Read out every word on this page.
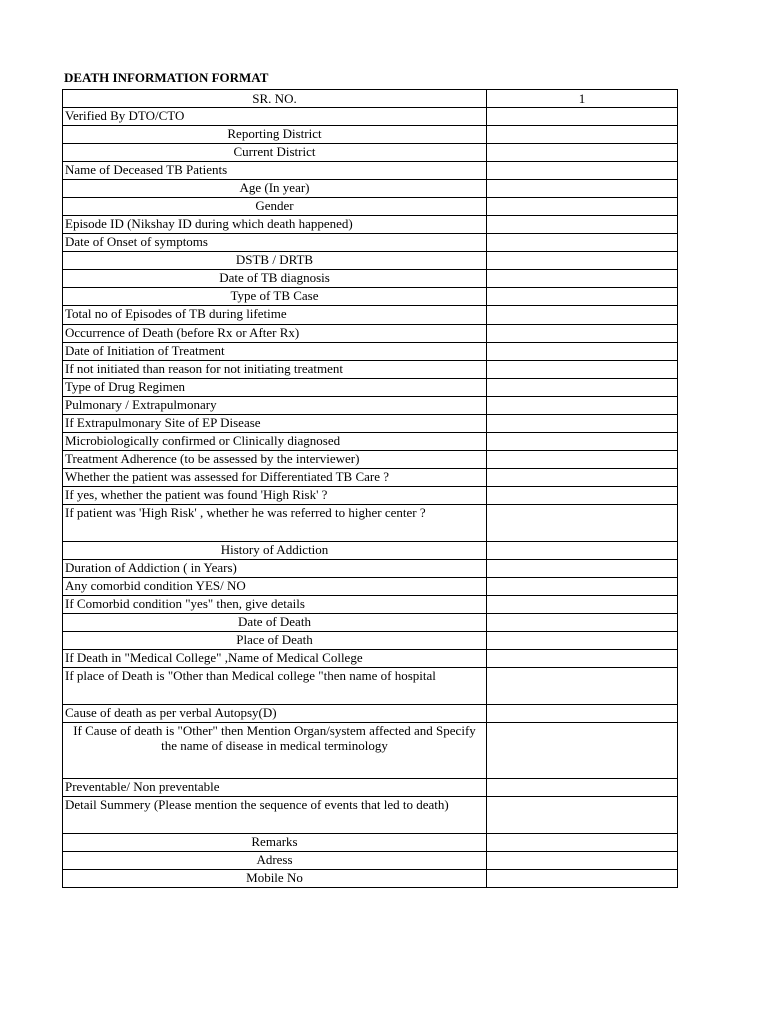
DEATH INFORMATION FORMAT
SR. NO.	1
Verified By DTO/CTO	
Reporting District	
Current District	
Name of Deceased TB Patients	
Age (In year)	
Gender	
Episode ID (Nikshay ID during which death happened)	
Date of Onset of symptoms	
DSTB / DRTB	
Date of TB diagnosis	
Type of TB Case	
Total no of Episodes of TB during lifetime	
Occurrence of Death (before Rx or After Rx)	
Date of Initiation of Treatment	
If not initiated than reason for not initiating treatment	
Type of Drug Regimen	
Pulmonary / Extrapulmonary	
If Extrapulmonary Site of EP Disease	
Microbiologically confirmed or Clinically diagnosed	
Treatment Adherence (to be assessed by the interviewer)	
Whether the patient was assessed for Differentiated TB Care ?	
If yes, whether the patient was found 'High Risk' ?	
If patient was 'High Risk' , whether he was referred to higher center ?	
History of Addiction	
Duration of Addiction ( in Years)	
Any comorbid condition YES/ NO	
If Comorbid condition "yes" then, give details	
Date of Death	
Place of Death	
If Death in "Medical College" ,Name of Medical College	
If place of Death is "Other than Medical college "then name of hospital	
Cause of death as per verbal Autopsy(D)	
If Cause of death is "Other" then Mention Organ/system affected and Specify the name of disease in medical terminology	
Preventable/ Non preventable	
Detail Summery (Please mention the sequence of events that led to death)	
Remarks	
Adress	
Mobile No	
